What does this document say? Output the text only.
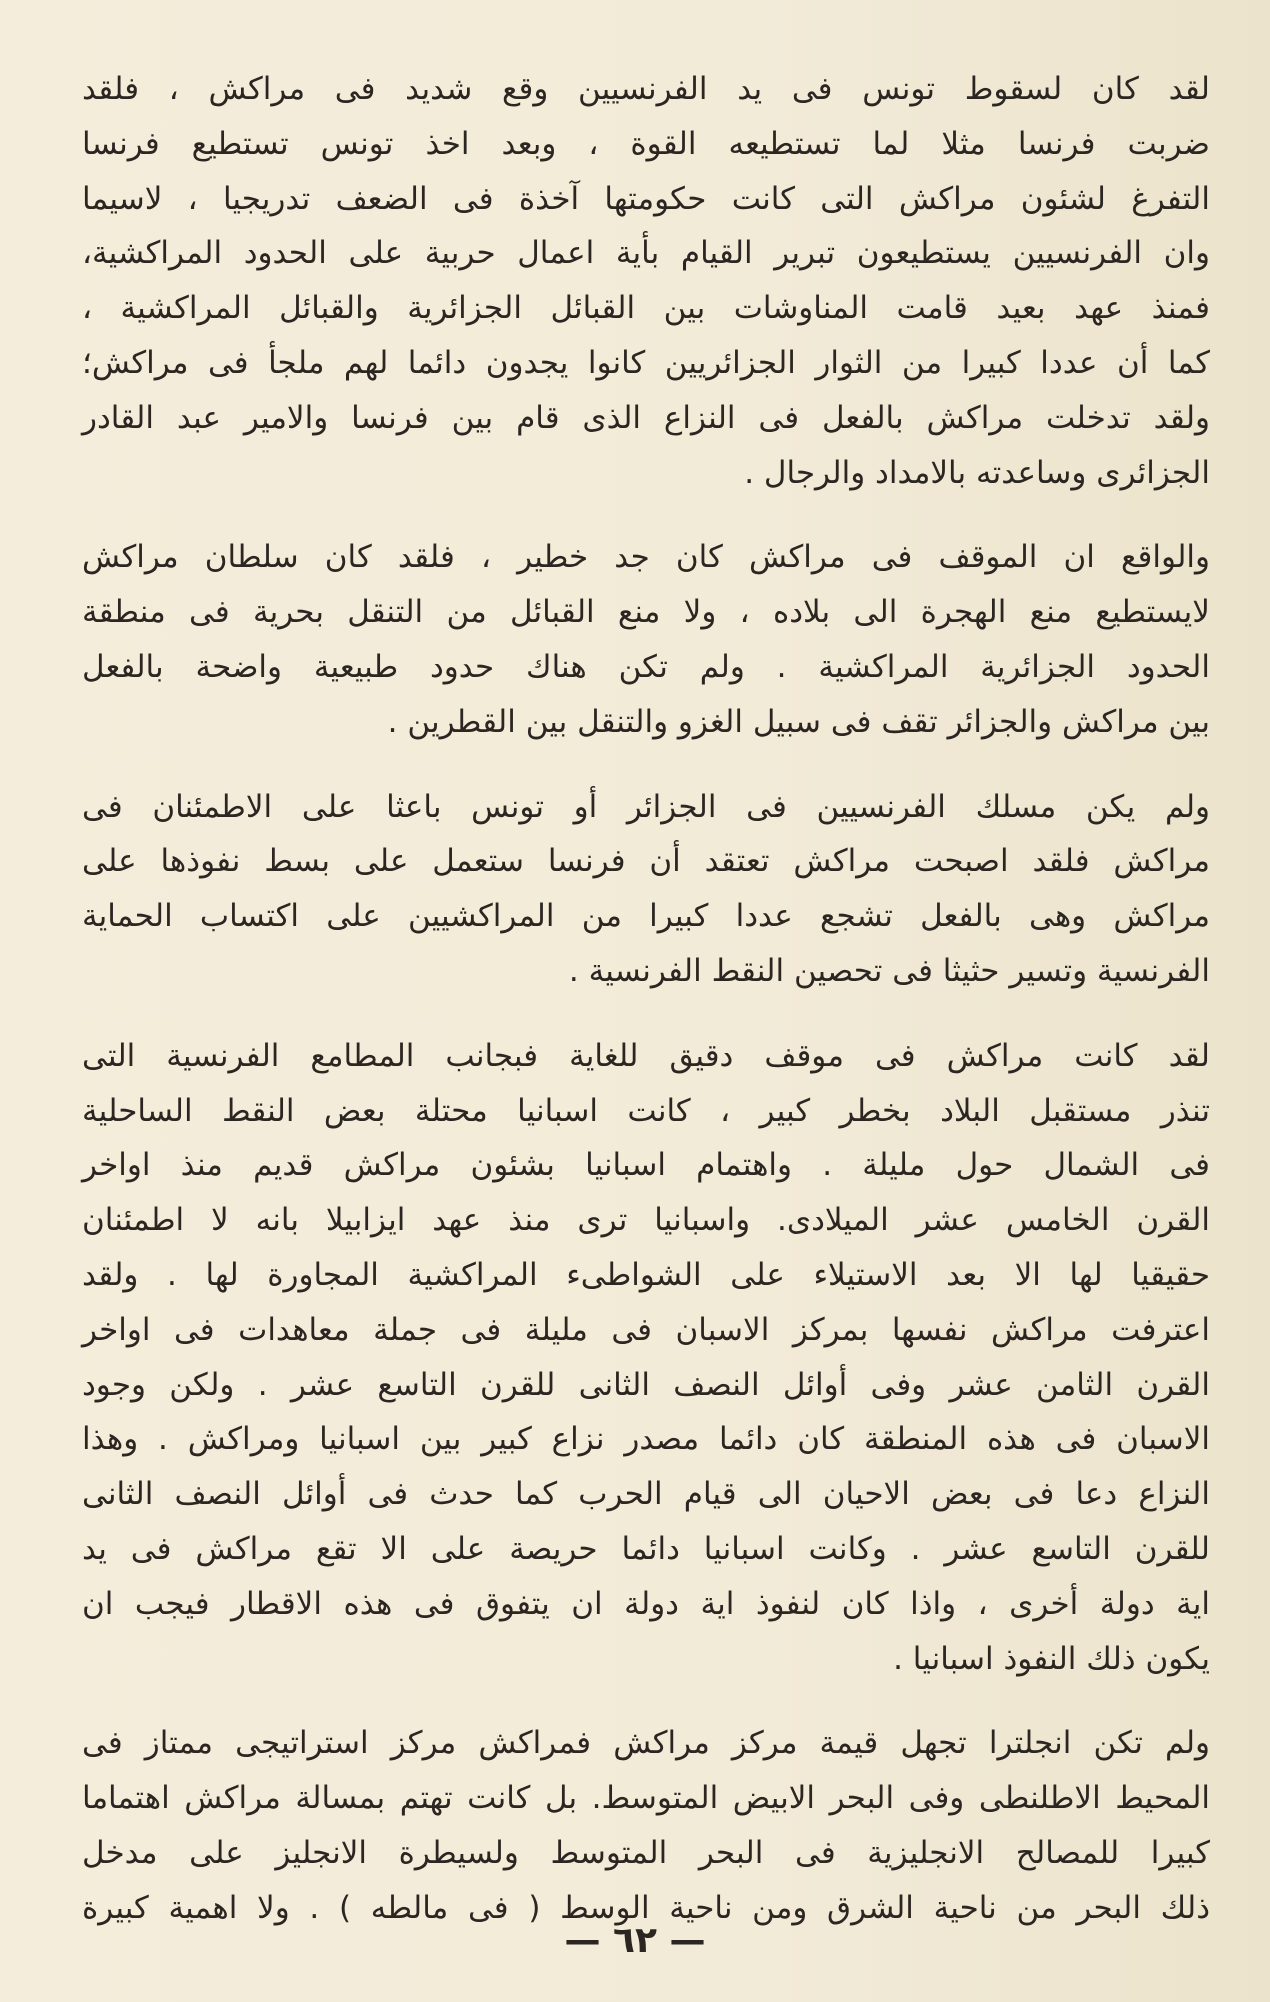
لقد كان لسقوط تونس فى يد الفرنسيين وقع شديد فى مراكش ، فلقد
ضربت فرنسا مثلا لما تستطيعه القوة ، وبعد اخذ تونس تستطيع فرنسا
التفرغ لشئون مراكش التى كانت حكومتها آخذة فى الضعف تدريجيا ، لاسيما
وان الفرنسيين يستطيعون تبرير القيام بأية اعمال حربية على الحدود المراكشية،
فمنذ عهد بعيد قامت المناوشات بين القبائل الجزائرية والقبائل المراكشية ،
كما أن عددا كبيرا من الثوار الجزائريين كانوا يجدون دائما لهم ملجأ فى مراكش؛
ولقد تدخلت مراكش بالفعل فى النزاع الذى قام بين فرنسا والامير عبد القادر
الجزائرى وساعدته بالامداد والرجال .
والواقع ان الموقف فى مراكش كان جد خطير ، فلقد كان سلطان مراكش
لايستطيع منع الهجرة الى بلاده ، ولا منع القبائل من التنقل بحرية فى منطقة
الحدود الجزائرية المراكشية . ولم تكن هناك حدود طبيعية واضحة بالفعل
بين مراكش والجزائر تقف فى سبيل الغزو والتنقل بين القطرين .
ولم يكن مسلك الفرنسيين فى الجزائر أو تونس باعثا على الاطمئنان فى
مراكش فلقد اصبحت مراكش تعتقد أن فرنسا ستعمل على بسط نفوذها على
مراكش وهى بالفعل تشجع عددا كبيرا من المراكشيين على اكتساب الحماية
الفرنسية وتسير حثيثا فى تحصين النقط الفرنسية .
لقد كانت مراكش فى موقف دقيق للغاية فبجانب المطامع الفرنسية التى
تنذر مستقبل البلاد بخطر كبير ، كانت اسبانيا محتلة بعض النقط الساحلية
فى الشمال حول مليلة . واهتمام اسبانيا بشئون مراكش قديم منذ اواخر
القرن الخامس عشر الميلادى. واسبانيا ترى منذ عهد ايزابيلا بانه لا اطمئنان
حقيقيا لها الا بعد الاستيلاء على الشواطىء المراكشية المجاورة لها . ولقد
اعترفت مراكش نفسها بمركز الاسبان فى مليلة فى جملة معاهدات فى اواخر
القرن الثامن عشر وفى أوائل النصف الثانى للقرن التاسع عشر . ولكن وجود
الاسبان فى هذه المنطقة كان دائما مصدر نزاع كبير بين اسبانيا ومراكش . وهذا
النزاع دعا فى بعض الاحيان الى قيام الحرب كما حدث فى أوائل النصف الثانى
للقرن التاسع عشر . وكانت اسبانيا دائما حريصة على الا تقع مراكش فى يد
اية دولة أخرى ، واذا كان لنفوذ اية دولة ان يتفوق فى هذه الاقطار فيجب ان
يكون ذلك النفوذ اسبانيا .
ولم تكن انجلترا تجهل قيمة مركز مراكش فمراكش مركز استراتيجى ممتاز فى
المحيط الاطلنطى وفى البحر الابيض المتوسط. بل كانت تهتم بمسالة مراكش اهتماما
كبيرا للمصالح الانجليزية فى البحر المتوسط ولسيطرة الانجليز على مدخل
ذلك البحر من ناحية الشرق ومن ناحية الوسط ( فى مالطه ) . ولا اهمية كبيرة
— ٦٢ —
